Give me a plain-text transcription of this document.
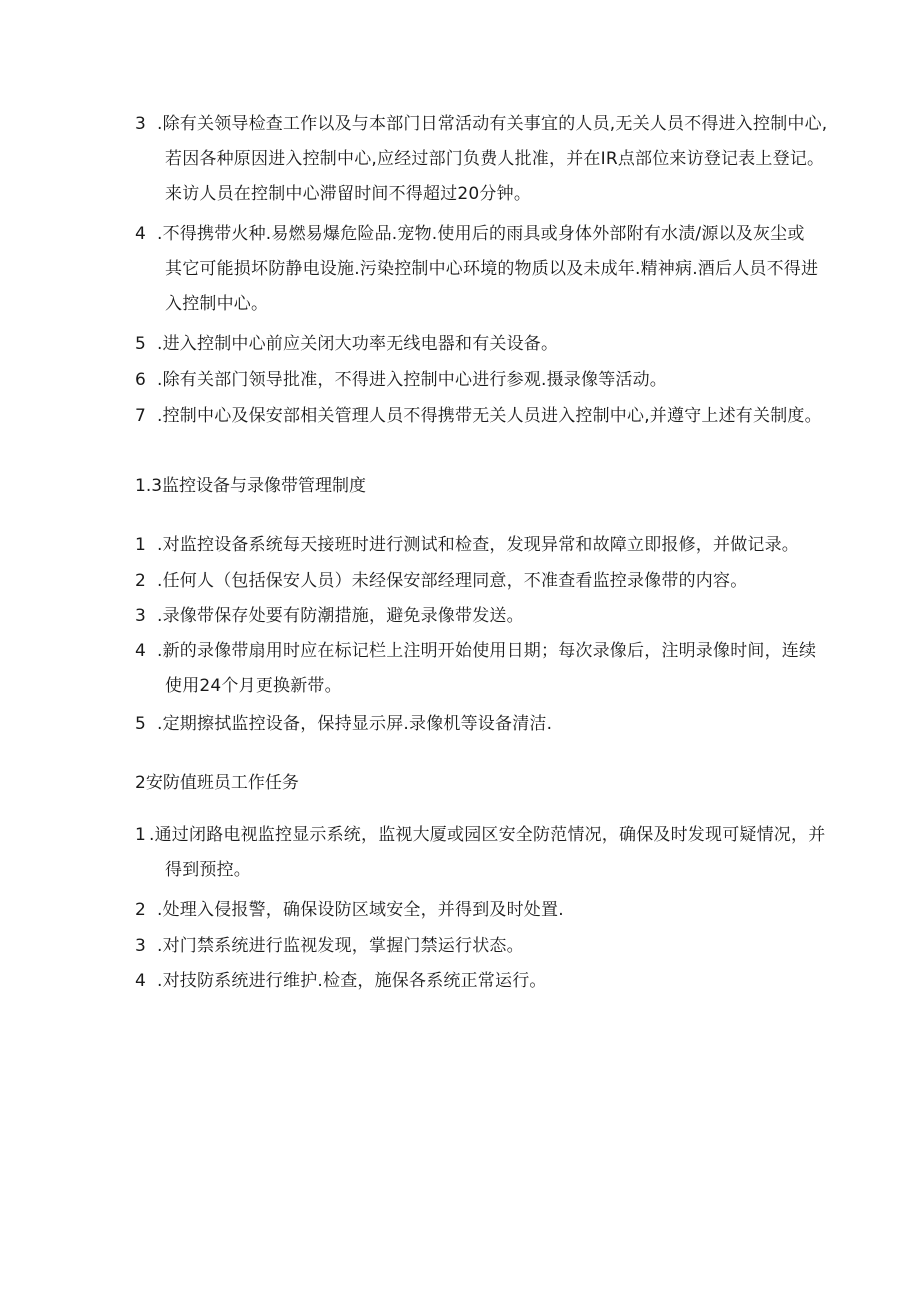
3 .除有关领导检查工作以及与本部门日常活动有关事宜的人员,无关人员不得进入控制中心,
若因各种原因进入控制中心,应经过部门负费人批准，并在IR点部位来访登记表上登记。
来访人员在控制中心滞留时间不得超过20分钟。
4 .不得携带火种.易燃易爆危险品.宠物.使用后的雨具或身体外部附有水渍/源以及灰尘或
其它可能损坏防静电设施.污染控制中心环境的物质以及未成年.精神病.酒后人员不得进
入控制中心。
5 .进入控制中心前应关闭大功率无线电器和有关设备。
6 .除有关部门领导批准，不得进入控制中心进行参观.摄录像等活动。
7 .控制中心及保安部相关管理人员不得携带无关人员进入控制中心,并遵守上述有关制度。
1.3监控设备与录像带管理制度
1 .对监控设备系统每天接班时进行测试和检查，发现异常和故障立即报修，并做记录。
2 .任何人（包括保安人员）未经保安部经理同意，不准查看监控录像带的内容。
3 .录像带保存处要有防潮措施，避免录像带发送。
4 .新的录像带扇用时应在标记栏上注明开始使用日期；每次录像后，注明录像时间，连续
使用24个月更换新带。
5 .定期擦拭监控设备，保持显示屏.录像机等设备清洁.
2安防值班员工作任务
1 .通过闭路电视监控显示系统，监视大厦或园区安全防范情况，确保及时发现可疑情况，并
得到预控。
2 .处理入侵报警，确保设防区域安全，并得到及时处置.
3 .对门禁系统进行监视发现，掌握门禁运行状态。
4 .对技防系统进行维护.检查，施保各系统正常运行。
